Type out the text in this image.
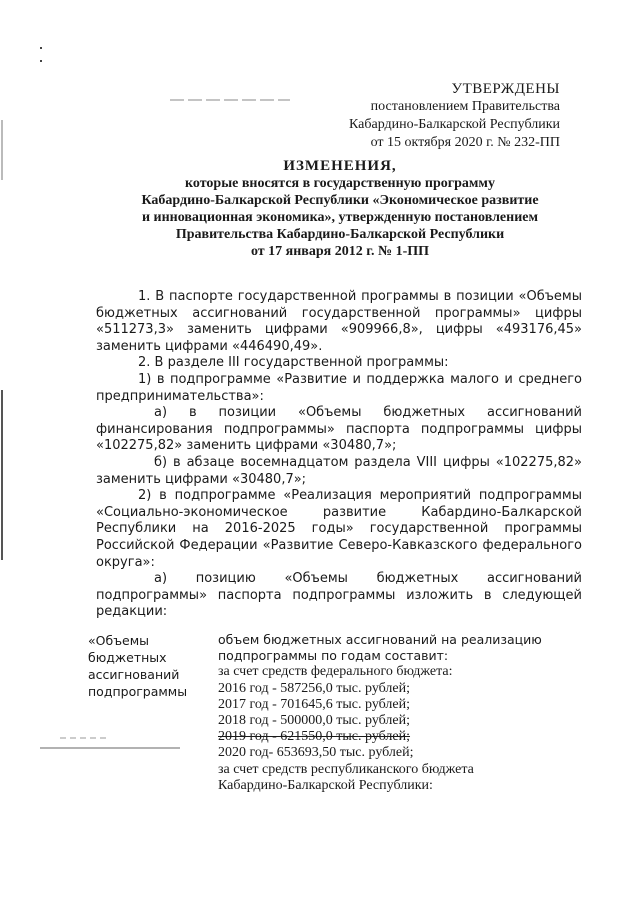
УТВЕРЖДЕНЫ
постановлением Правительства
Кабардино-Балкарской Республики
от 15 октября 2020 г. № 232-ПП
ИЗМЕНЕНИЯ,
которые вносятся в государственную программу
Кабардино-Балкарской Республики «Экономическое развитие
и инновационная экономика», утвержденную постановлением
Правительства Кабардино-Балкарской Республики
от 17 января 2012 г. № 1-ПП

1. В паспорте государственной программы в позиции «Объемы бюджетных ассигнований государственной программы» цифры «511273,3» заменить цифрами «909966,8», цифры «493176,45» заменить цифрами «446490,49».

2. В разделе III государственной программы:

1) в подпрограмме «Развитие и поддержка малого и среднего предпринимательства»:

а) в позиции «Объемы бюджетных ассигнований финансирования подпрограммы» паспорта подпрограммы цифры «102275,82» заменить цифрами «30480,7»;

б) в абзаце восемнадцатом раздела VIII цифры «102275,82» заменить цифрами «30480,7»;

2) в подпрограмме «Реализация мероприятий подпрограммы «Социально-экономическое развитие Кабардино-Балкарской Республики на 2016-2025 годы» государственной программы Российской Федерации «Развитие Северо-Кавказского федерального округа»:

а) позицию «Объемы бюджетных ассигнований подпрограммы» паспорта подпрограммы изложить в следующей редакции:

«Объемы
бюджетных
ассигнований
подпрограммы
объем бюджетных ассигнований на реализацию подпрограммы по годам составит:
за счет средств федерального бюджета:
2016 год - 587256,0 тыс. рублей;
2017 год - 701645,6 тыс. рублей;
2018 год - 500000,0 тыс. рублей;
2019 год - 621550,0 тыс. рублей;
2020 год- 653693,50 тыс. рублей;
за счет средств республиканского бюджета
Кабардино-Балкарской Республики:
